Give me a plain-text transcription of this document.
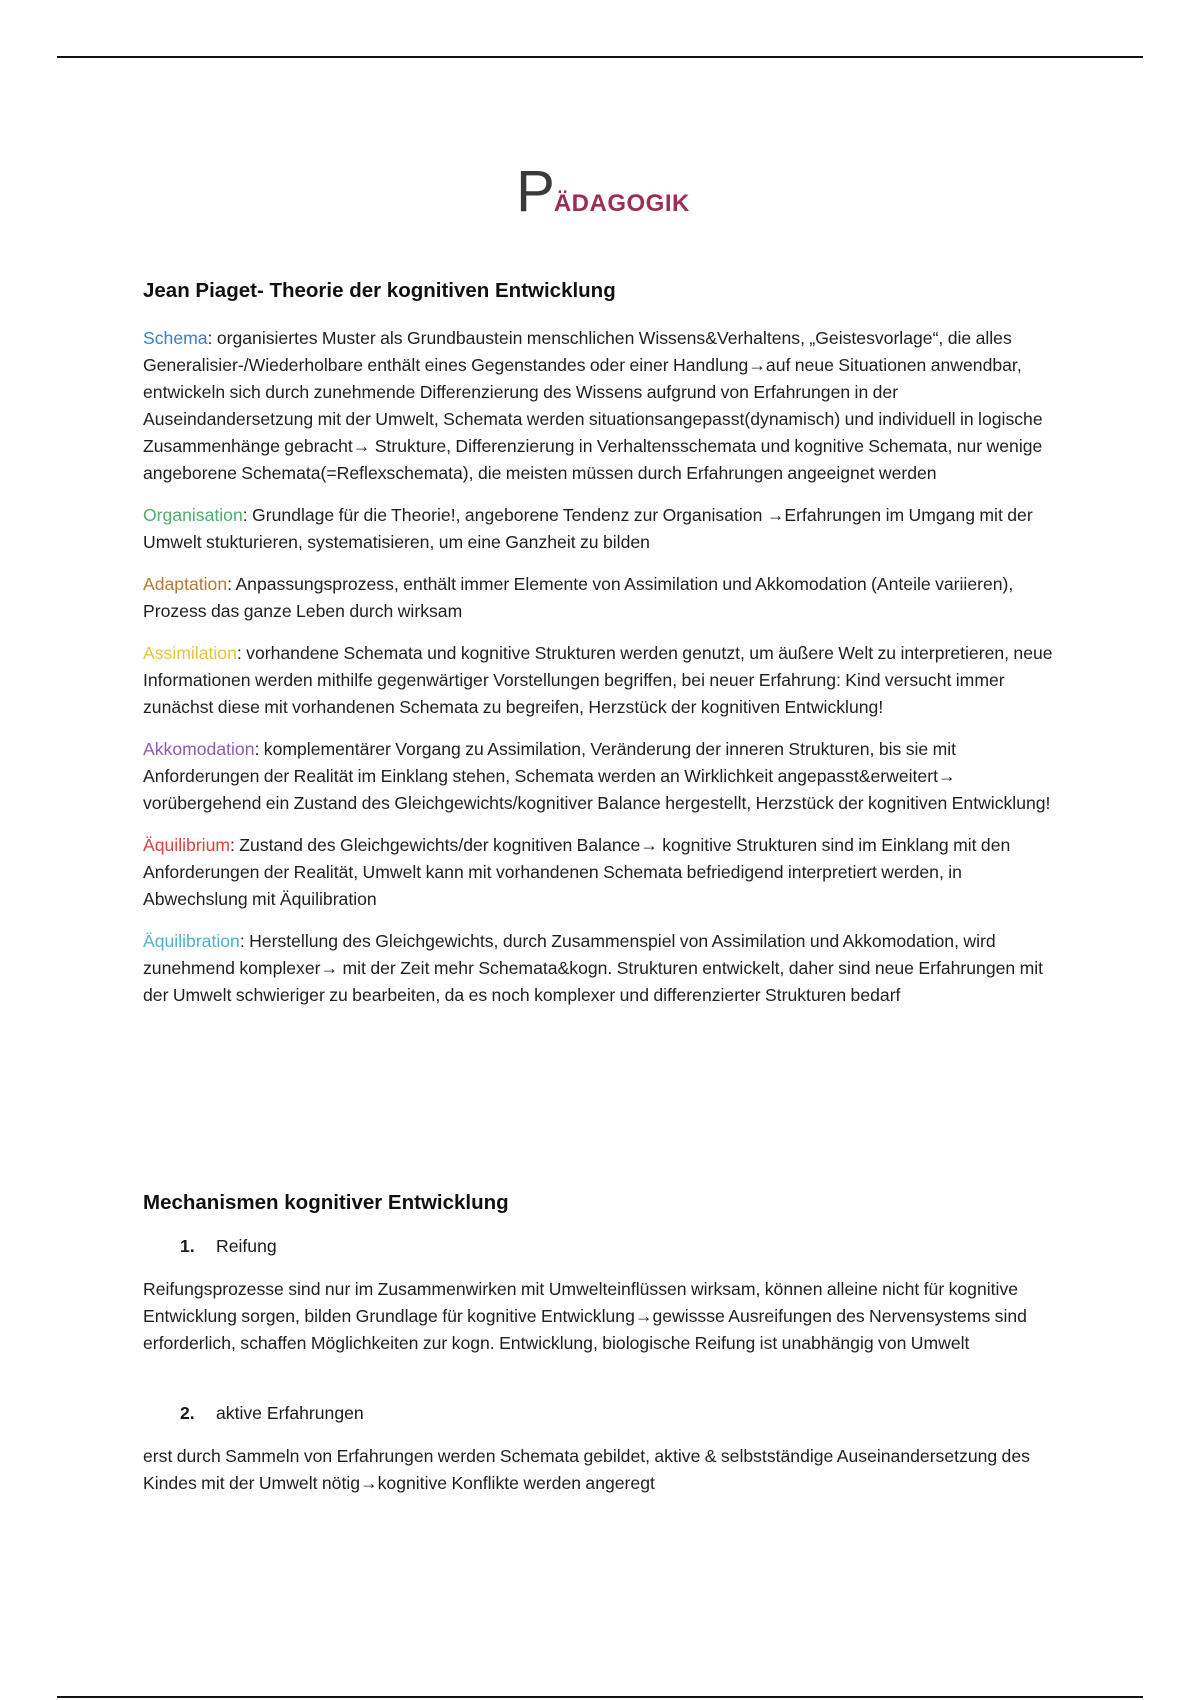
PÄDAGOGIK
Jean Piaget- Theorie der kognitiven Entwicklung

Schema: organisiertes Muster als Grundbaustein menschlichen Wissens&Verhaltens, „Geistesvorlage“, die alles Generalisier-/Wiederholbare enthält eines Gegenstandes oder einer Handlung→auf neue Situationen anwendbar, entwickeln sich durch zunehmende Differenzierung des Wissens aufgrund von Erfahrungen in der Auseindandersetzung mit der Umwelt, Schemata werden situationsangepasst(dynamisch) und individuell in logische Zusammenhänge gebracht→ Strukture, Differenzierung in Verhaltensschemata und kognitive Schemata, nur wenige angeborene Schemata(=Reflexschemata), die meisten müssen durch Erfahrungen angeeignet werden

Organisation: Grundlage für die Theorie!, angeborene Tendenz zur Organisation →Erfahrungen im Umgang mit der Umwelt stukturieren, systematisieren, um eine Ganzheit zu bilden

Adaptation: Anpassungsprozess, enthält immer Elemente von Assimilation und Akkomodation (Anteile variieren), Prozess das ganze Leben durch wirksam

Assimilation: vorhandene Schemata und kognitive Strukturen werden genutzt, um äußere Welt zu interpretieren, neue Informationen werden mithilfe gegenwärtiger Vorstellungen begriffen, bei neuer Erfahrung: Kind versucht immer zunächst diese mit vorhandenen Schemata zu begreifen, Herzstück der kognitiven Entwicklung!

Akkomodation: komplementärer Vorgang zu Assimilation, Veränderung der inneren Strukturen, bis sie mit Anforderungen der Realität im Einklang stehen, Schemata werden an Wirklichkeit angepasst&erweitert→ vorübergehend ein Zustand des Gleichgewichts/kognitiver Balance hergestellt, Herzstück der kognitiven Entwicklung!

Äquilibrium: Zustand des Gleichgewichts/der kognitiven Balance→ kognitive Strukturen sind im Einklang mit den Anforderungen der Realität, Umwelt kann mit vorhandenen Schemata befriedigend interpretiert werden, in Abwechslung mit Äquilibration

Äquilibration: Herstellung des Gleichgewichts, durch Zusammenspiel von Assimilation und Akkomodation, wird zunehmend komplexer→ mit der Zeit mehr Schemata&kogn. Strukturen entwickelt, daher sind neue Erfahrungen mit der Umwelt schwieriger zu bearbeiten, da es noch komplexer und differenzierter Strukturen bedarf

Mechanismen kognitiver Entwicklung
1. Reifung

Reifungsprozesse sind nur im Zusammenwirken mit Umwelteinflüssen wirksam, können alleine nicht für kognitive Entwicklung sorgen, bilden Grundlage für kognitive Entwicklung→gewissse Ausreifungen des Nervensystems sind erforderlich, schaffen Möglichkeiten zur kogn. Entwicklung, biologische Reifung ist unabhängig von Umwelt

2. aktive Erfahrungen

erst durch Sammeln von Erfahrungen werden Schemata gebildet, aktive & selbstständige Auseinandersetzung des Kindes mit der Umwelt nötig→kognitive Konflikte werden angeregt
